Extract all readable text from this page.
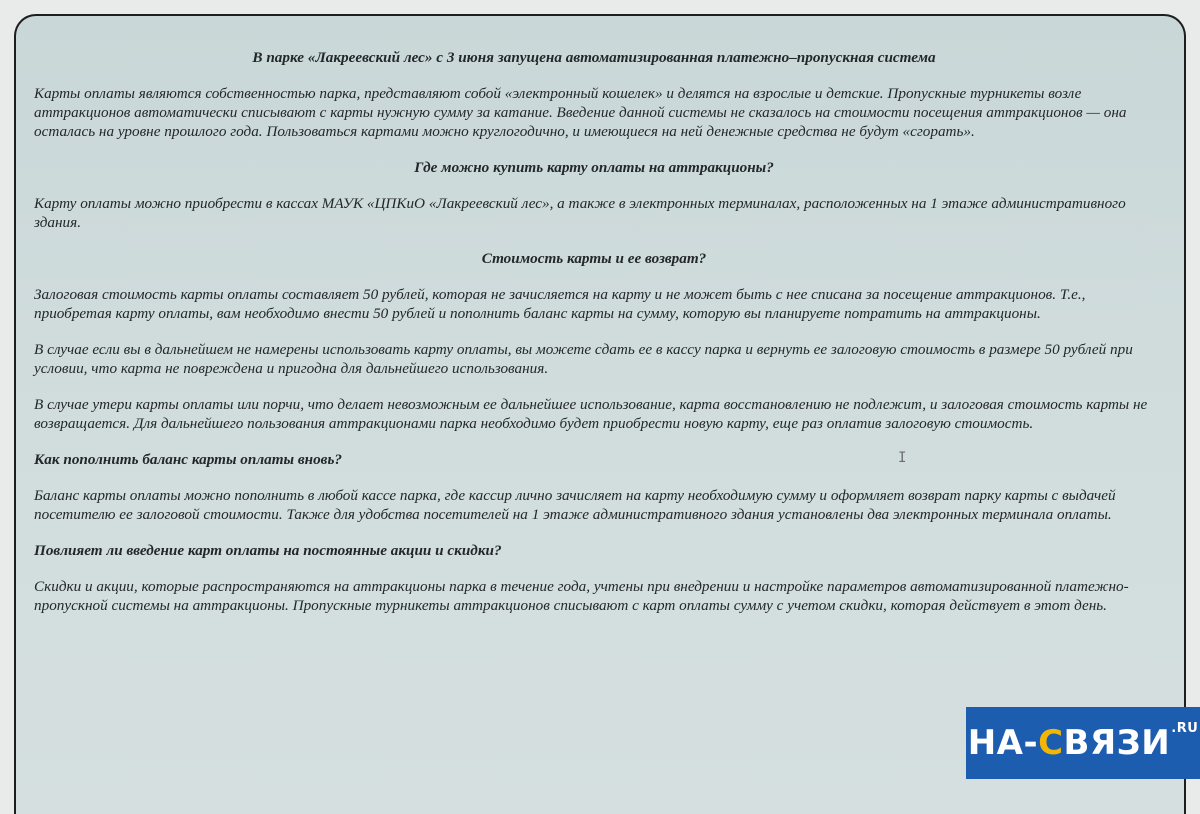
В парке «Лакреевский лес» с 3 июня запущена автоматизированная платежно–пропускная система

Карты оплаты являются собственностью парка, представляют собой «электронный кошелек» и делятся на взрослые и детские. Пропускные турникеты возле аттракционов автоматически списывают с карты нужную сумму за катание. Введение данной системы не сказалось на стоимости посещения аттракционов — она осталась на уровне прошлого года. Пользоваться картами можно круглогодично, и имеющиеся на ней денежные средства не будут «сгорать».

Где можно купить карту оплаты на аттракционы?

Карту оплаты можно приобрести в кассах МАУК «ЦПКиО «Лакреевский лес», а также в электронных терминалах, расположенных на 1 этаже административного здания.

Стоимость карты и ее возврат?

Залоговая стоимость карты оплаты составляет 50 рублей, которая не зачисляется на карту и не может быть с нее списана за посещение аттракционов. Т.е., приобретая карту оплаты, вам необходимо внести 50 рублей и пополнить баланс карты на сумму, которую вы планируете потратить на аттракционы.

В случае если вы в дальнейшем не намерены использовать карту оплаты, вы можете сдать ее в кассу парка и вернуть ее залоговую стоимость в размере 50 рублей при условии, что карта не повреждена и пригодна для дальнейшего использования.

В случае утери карты оплаты или порчи, что делает невозможным ее дальнейшее использование, карта восстановлению не подлежит, и залоговая стоимость карты не возвращается. Для дальнейшего пользования аттракционами парка необходимо будет приобрести новую карту, еще раз оплатив залоговую стоимость.

Как пополнить баланс карты оплаты вновь?

Баланс карты оплаты можно пополнить в любой кассе парка, где кассир лично зачисляет на карту необходимую сумму и оформляет возврат парку карты с выдачей посетителю ее залоговой стоимости. Также для удобства посетителей на 1 этаже административного здания установлены два электронных терминала оплаты.

Повлияет ли введение карт оплаты на постоянные акции и скидки?

Скидки и акции, которые распространяются на аттракционы парка в течение года, учтены при внедрении и настройке параметров автоматизированной платежно-пропускной системы на аттракционы. Пропускные турникеты аттракционов списывают с карт оплаты сумму с учетом скидки, которая действует в этот день.

I
НА- С ВЯЗИ .RU
